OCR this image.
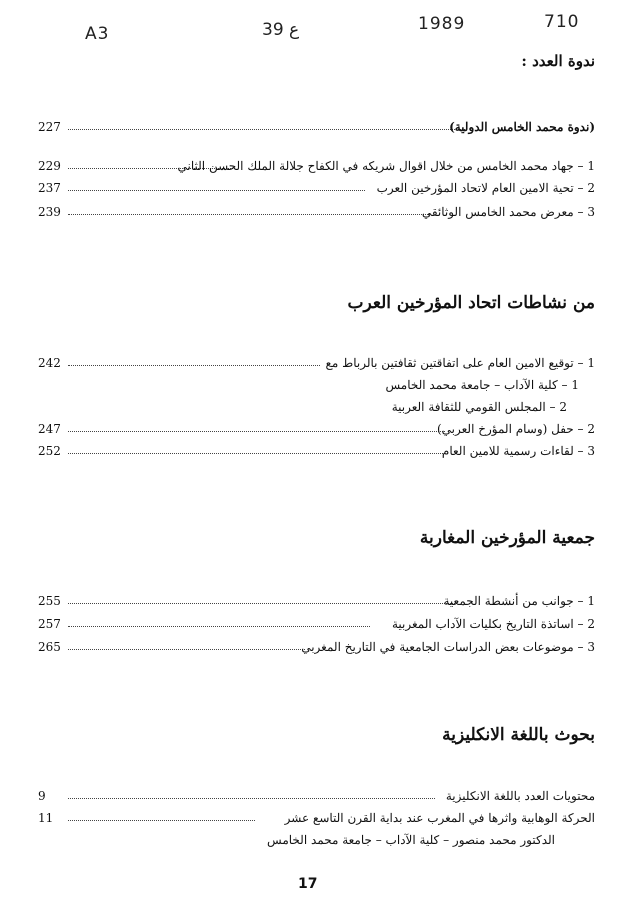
A3	39 ع	1989	710
ندوة العدد :
227	(ندوة محمد الخامس الدولية)
229	1 – جهاد محمد الخامس من خلال اقوال شريكه في الكفاح جلالة الملك الحسن الثاني
237	2 – تحية الامين العام لاتحاد المؤرخين العرب
239	3 – معرض محمد الخامس الوثائقي
من نشاطات اتحاد المؤرخين العرب
242	1 – توقيع الامين العام على اتفاقتين ثقافتين بالرباط مع
1 – كلية الآداب – جامعة محمد الخامس
2 – المجلس القومي للثقافة العربية
247	2 – حفل (وسام المؤرخ العربي)
252	3 – لقاءات رسمية للامين العام
جمعية المؤرخين المغاربة
255	1 – جوانب من أنشطة الجمعية
257	2 – اساتذة التاريخ بكليات الآداب المغربية
265	3 – موضوعات بعض الدراسات الجامعية في التاريخ المغربي
بحوث باللغة الانكليزية
9	محتويات العدد باللغة الانكليزية
11	الحركة الوهابية واثرها في المغرب عند بداية القرن التاسع عشر
الدكتور محمد منصور – كلية الآداب – جامعة محمد الخامس
17
